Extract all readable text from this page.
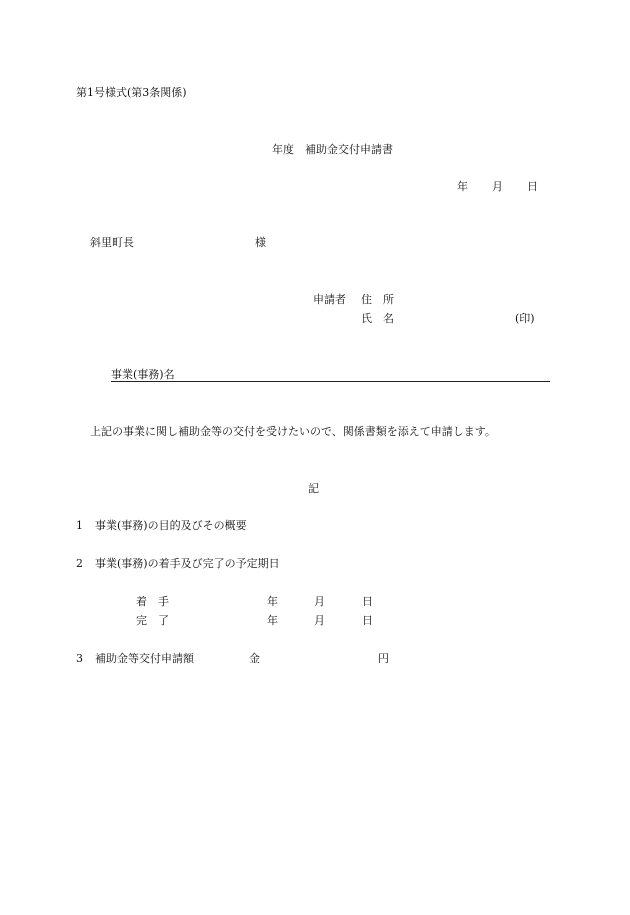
第1号様式(第3条関係)
年度　補助金交付申請書
年 月 日
斜里町長	様
申請者 住　所
氏　名	(印)
事業(事務)名
上記の事業に関し補助金等の交付を受けたいので、関係書類を添えて申請します。
記
1 事業(事務)の目的及びその概要
2 事業(事務)の着手及び完了の予定期日
着　手	年	月	日
完　了	年	月	日
3 補助金等交付申請額	金	円
